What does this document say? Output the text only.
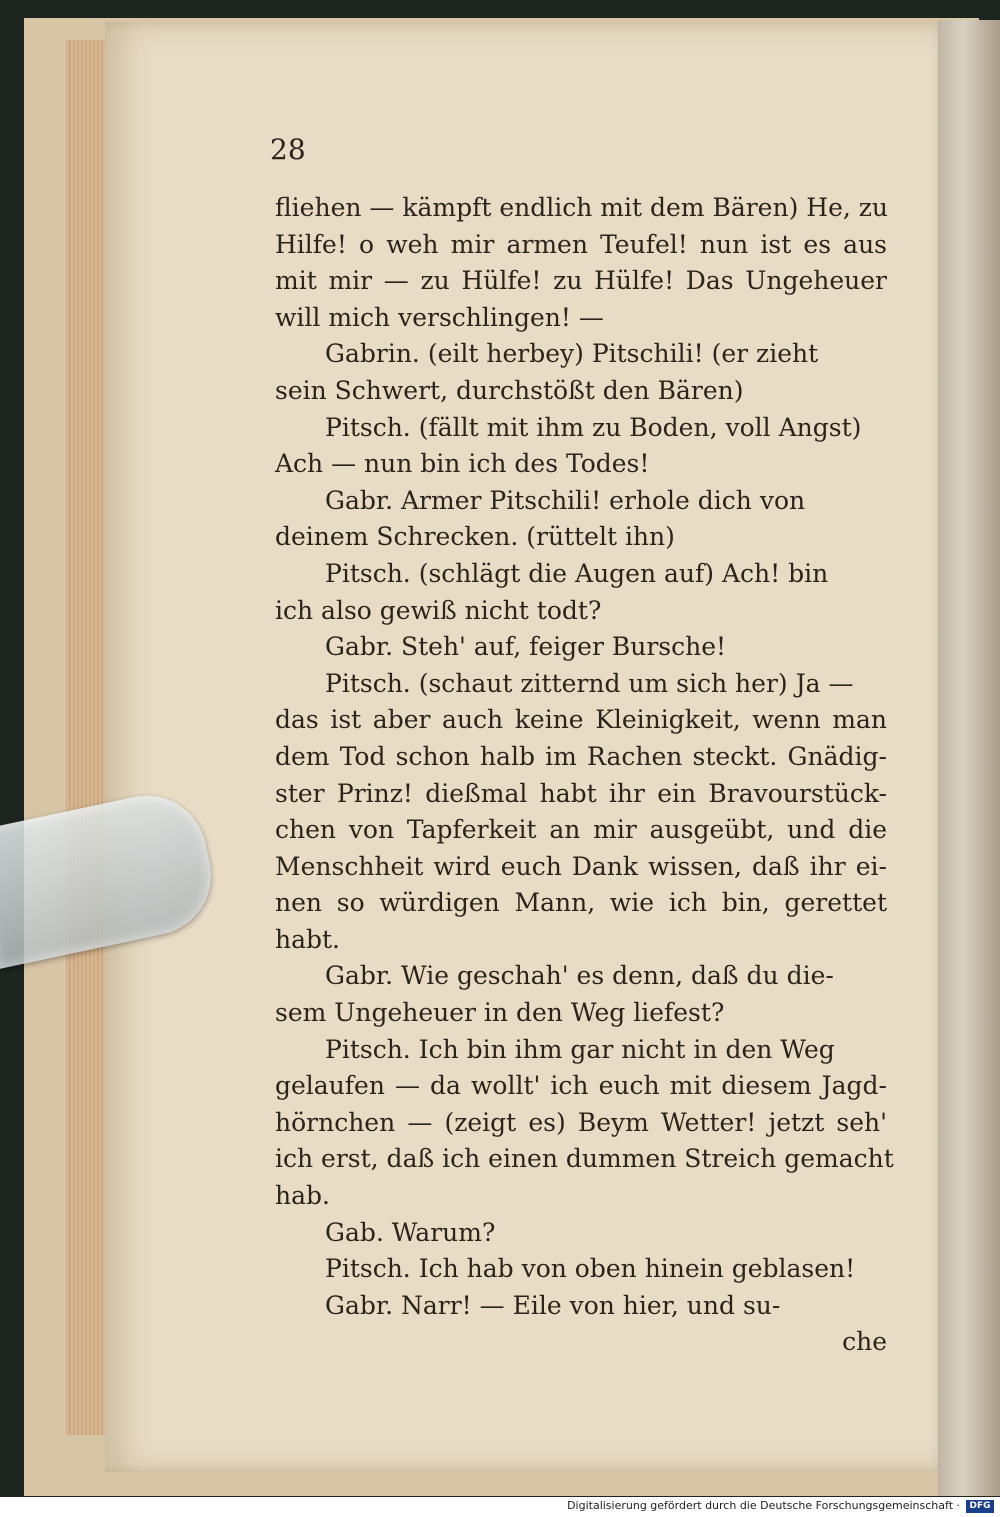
28
fliehen — kämpft endlich mit dem Bären) He, zu
Hilfe! o weh mir armen Teufel! nun ist es aus
mit mir — zu Hülfe! zu Hülfe! Das Ungeheuer
will mich verschlingen! —
Gabrin. (eilt herbey) Pitschili! (er zieht
sein Schwert, durchstößt den Bären)
Pitsch. (fällt mit ihm zu Boden, voll Angst)
Ach — nun bin ich des Todes!
Gabr. Armer Pitschili! erhole dich von
deinem Schrecken. (rüttelt ihn)
Pitsch. (schlägt die Augen auf) Ach! bin
ich also gewiß nicht todt?
Gabr. Steh' auf, feiger Bursche!
Pitsch. (schaut zitternd um sich her) Ja —
das ist aber auch keine Kleinigkeit, wenn man
dem Tod schon halb im Rachen steckt. Gnädig-
ster Prinz! dießmal habt ihr ein Bravourstück-
chen von Tapferkeit an mir ausgeübt, und die
Menschheit wird euch Dank wissen, daß ihr ei-
nen so würdigen Mann, wie ich bin, gerettet
habt.
Gabr. Wie geschah' es denn, daß du die-
sem Ungeheuer in den Weg liefest?
Pitsch. Ich bin ihm gar nicht in den Weg
gelaufen — da wollt' ich euch mit diesem Jagd-
hörnchen — (zeigt es) Beym Wetter! jetzt seh'
ich erst, daß ich einen dummen Streich gemacht
hab.
Gab. Warum?
Pitsch. Ich hab von oben hinein geblasen!
Gabr. Narr! — Eile von hier, und su-
che
Digitalisierung gefördert durch die Deutsche Forschungsgemeinschaft ·	DFG
